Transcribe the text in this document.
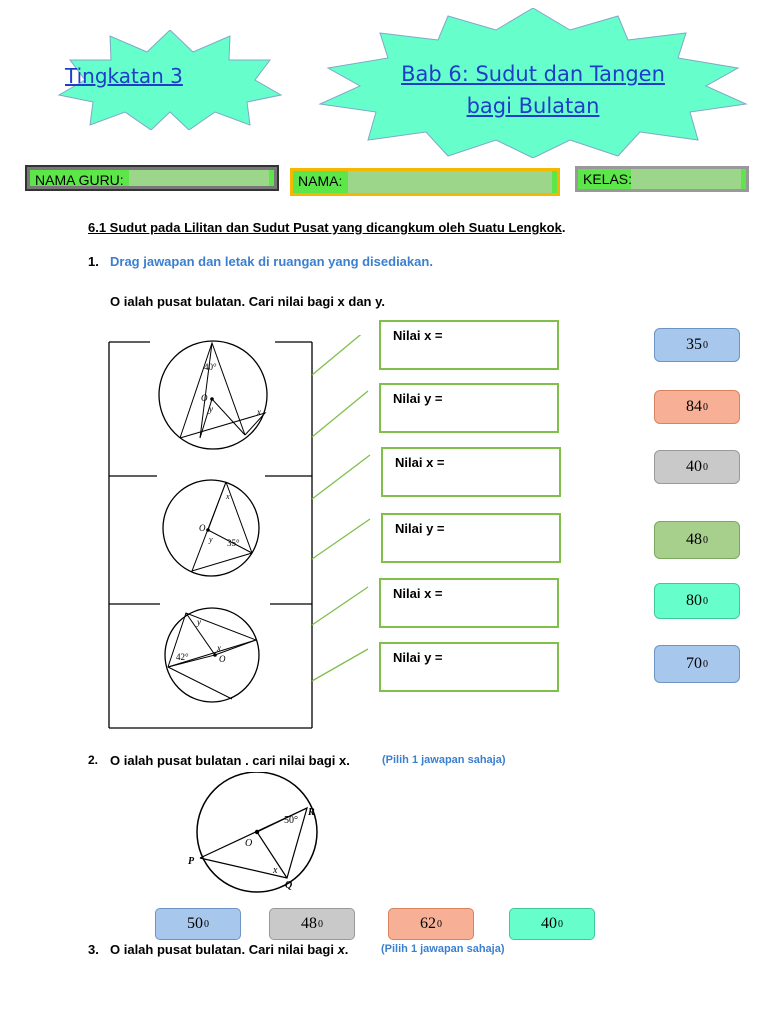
Tingkatan 3	Bab 6: Sudut dan Tangen
bagi Bulatan
NAMA GURU:	NAMA:	KELAS:
6.1 Sudut pada Lilitan dan Sudut Pusat yang dicangkum oleh Suatu Lengkok.
1. Drag jawapan dan letak di ruangan yang disediakan.
O ialah pusat bulatan. Cari nilai bagi x dan y.
40°
O
y	x
O
x
y 35°
42°	O
y
x
Nilai x =
Nilai y =
Nilai x =
Nilai y =
Nilai x =
Nilai y =
35 0
84 0
40 0
48 0
80 0
70 0
2. O ialah pusat bulatan . cari nilai bagi x.	(Pilih 1 jawapan sahaja)
R
50°
O
P
Q
x
50 0	48 0	62 0	40 0
3. O ialah pusat bulatan. Cari nilai bagi x.	(Pilih 1 jawapan sahaja)
